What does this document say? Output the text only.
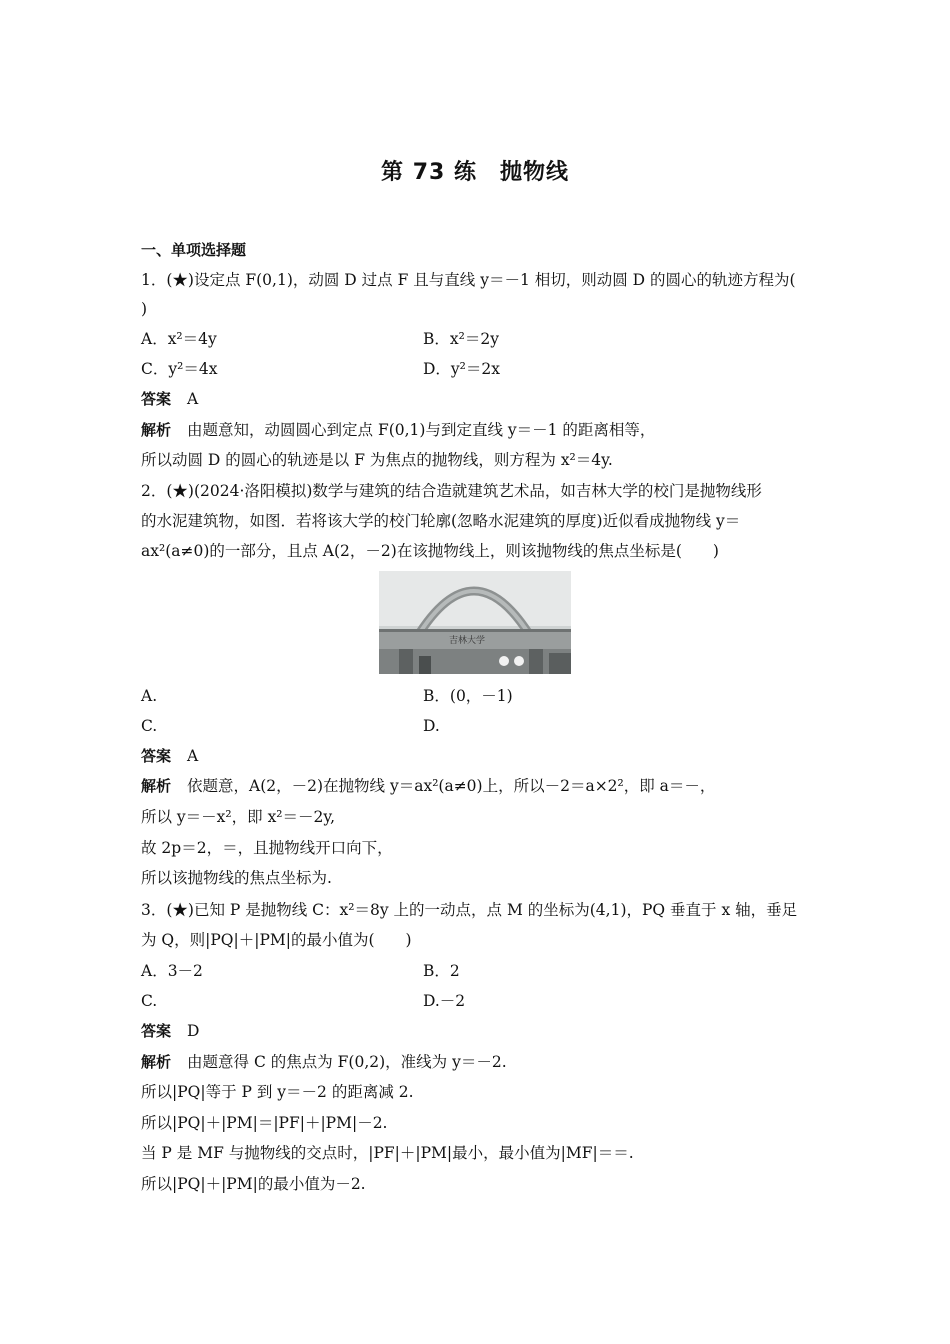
第 73 练　抛物线
一、单项选择题
1．(★)设定点 F(0,1)，动圆 D 过点 F 且与直线 y＝－1 相切，则动圆 D 的圆心的轨迹方程为(
)
A．x²＝4y	B．x²＝2y
C．y²＝4x	D．y²＝2x
答案 A
解析 由题意知，动圆圆心到定点 F(0,1)与到定直线 y＝－1 的距离相等，
所以动圆 D 的圆心的轨迹是以 F 为焦点的抛物线，则方程为 x²＝4y.
2．(★)(2024·洛阳模拟)数学与建筑的结合造就建筑艺术品，如吉林大学的校门是抛物线形
的水泥建筑物，如图．若将该大学的校门轮廓(忽略水泥建筑的厚度)近似看成抛物线 y＝
ax²(a≠0)的一部分，且点 A(2，－2)在该抛物线上，则该抛物线的焦点坐标是(　　)
吉林大学
A.	B．(0，－1)
C.	D.
答案 A
解析 依题意，A(2，－2)在抛物线 y＝ax²(a≠0)上，所以－2＝a×2²，即 a＝－，
所以 y＝－x²，即 x²＝－2y,
故 2p＝2，＝，且抛物线开口向下，
所以该抛物线的焦点坐标为.
3．(★)已知 P 是抛物线 C：x²＝8y 上的一动点，点 M 的坐标为(4,1)，PQ 垂直于 x 轴，垂足
为 Q，则|PQ|＋|PM|的最小值为(　　)
A．3－2	B．2
C.	D.－2
答案 D
解析 由题意得 C 的焦点为 F(0,2)，准线为 y＝－2.
所以|PQ|等于 P 到 y＝－2 的距离减 2.
所以|PQ|＋|PM|＝|PF|＋|PM|－2.
当 P 是 MF 与抛物线的交点时，|PF|＋|PM|最小，最小值为|MF|＝＝.
所以|PQ|＋|PM|的最小值为－2.
